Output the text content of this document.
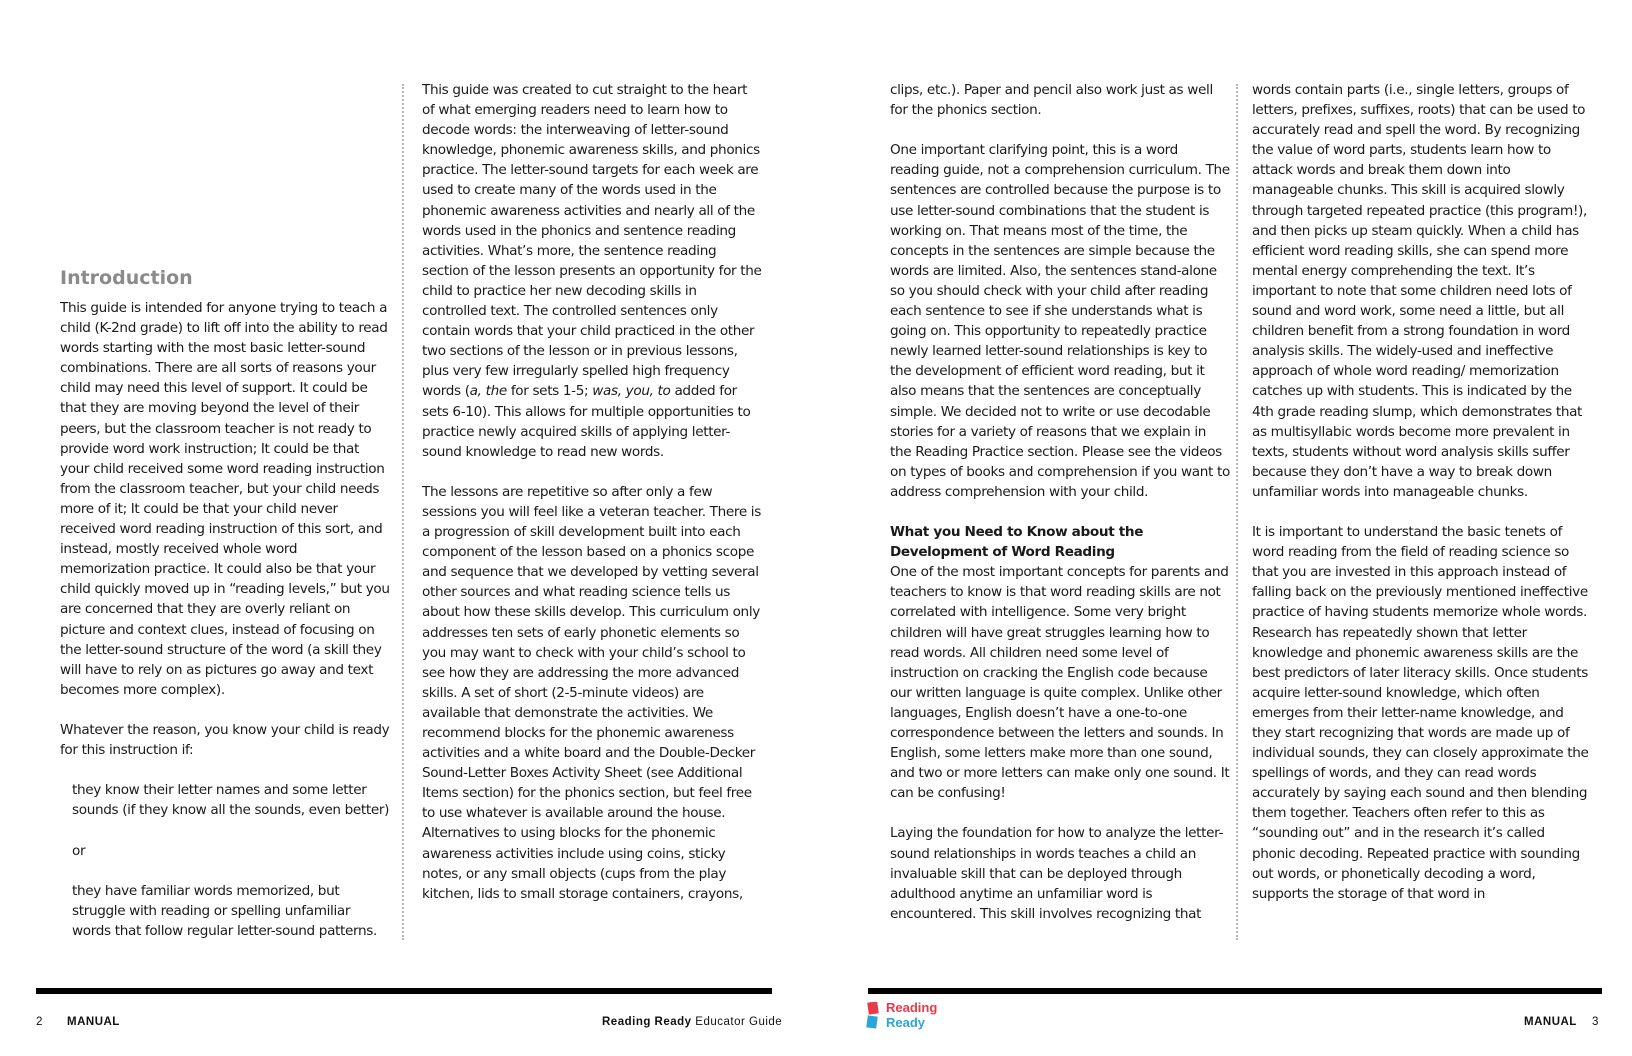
Introduction

This guide is intended for anyone trying to teach a child (K-2nd grade) to lift off into the ability to read words starting with the most basic letter-sound combinations. There are all sorts of reasons your child may need this level of support. It could be that they are moving beyond the level of their peers, but the classroom teacher is not ready to provide word work instruction; It could be that your child received some word reading instruction from the classroom teacher, but your child needs more of it; It could be that your child never received word reading instruction of this sort, and instead, mostly received whole word memorization practice. It could also be that your child quickly moved up in “reading levels,” but you are concerned that they are overly reliant on picture and context clues, instead of focusing on the letter-sound structure of the word (a skill they will have to rely on as pictures go away and text becomes more complex).

Whatever the reason, you know your child is ready for this instruction if:

they know their letter names and some letter sounds (if they know all the sounds, even better)

or

they have familiar words memorized, but struggle with reading or spelling unfamiliar words that follow regular letter-sound patterns.

This guide was created to cut straight to the heart of what emerging readers need to learn how to decode words: the interweaving of letter-sound knowledge, phonemic awareness skills, and phonics practice. The letter-sound targets for each week are used to create many of the words used in the phonemic awareness activities and nearly all of the words used in the phonics and sentence reading activities. What’s more, the sentence reading section of the lesson presents an opportunity for the child to practice her new decoding skills in controlled text. The controlled sentences only contain words that your child practiced in the other two sections of the lesson or in previous lessons, plus very few irregularly spelled high frequency words (a, the for sets 1-5; was, you, to added for sets 6-10). This allows for multiple opportunities to practice newly acquired skills of applying letter-sound knowledge to read new words.

The lessons are repetitive so after only a few sessions you will feel like a veteran teacher. There is a progression of skill development built into each component of the lesson based on a phonics scope and sequence that we developed by vetting several other sources and what reading science tells us about how these skills develop. This curriculum only addresses ten sets of early phonetic elements so you may want to check with your child’s school to see how they are addressing the more advanced skills. A set of short (2-5-minute videos) are available that demonstrate the activities. We recommend blocks for the phonemic awareness activities and a white board and the Double-Decker Sound-Letter Boxes Activity Sheet (see Additional Items section) for the phonics section, but feel free to use whatever is available around the house. Alternatives to using blocks for the phonemic awareness activities include using coins, sticky notes, or any small objects (cups from the play kitchen, lids to small storage containers, crayons,

2 MANUAL	Reading Ready Educator Guide

clips, etc.). Paper and pencil also work just as well for the phonics section.

One important clarifying point, this is a word reading guide, not a comprehension curriculum. The sentences are controlled because the purpose is to use letter-sound combinations that the student is working on. That means most of the time, the concepts in the sentences are simple because the words are limited. Also, the sentences stand-alone so you should check with your child after reading each sentence to see if she understands what is going on. This opportunity to repeatedly practice newly learned letter-sound relationships is key to the development of efficient word reading, but it also means that the sentences are conceptually simple. We decided not to write or use decodable stories for a variety of reasons that we explain in the Reading Practice section. Please see the videos on types of books and comprehension if you want to address comprehension with your child.

What you Need to Know about the Development of Word Reading

One of the most important concepts for parents and teachers to know is that word reading skills are not correlated with intelligence. Some very bright children will have great struggles learning how to read words. All children need some level of instruction on cracking the English code because our written language is quite complex. Unlike other languages, English doesn’t have a one-to-one correspondence between the letters and sounds. In English, some letters make more than one sound, and two or more letters can make only one sound. It can be confusing!

Laying the foundation for how to analyze the letter-sound relationships in words teaches a child an invaluable skill that can be deployed through adulthood anytime an unfamiliar word is encountered. This skill involves recognizing that

words contain parts (i.e., single letters, groups of letters, prefixes, suffixes, roots) that can be used to accurately read and spell the word. By recognizing the value of word parts, students learn how to attack words and break them down into manageable chunks. This skill is acquired slowly through targeted repeated practice (this program!), and then picks up steam quickly. When a child has efficient word reading skills, she can spend more mental energy comprehending the text. It’s important to note that some children need lots of sound and word work, some need a little, but all children benefit from a strong foundation in word analysis skills. The widely-used and ineffective approach of whole word reading/ memorization catches up with students. This is indicated by the 4th grade reading slump, which demonstrates that as multisyllabic words become more prevalent in texts, students without word analysis skills suffer because they don’t have a way to break down unfamiliar words into manageable chunks.

It is important to understand the basic tenets of word reading from the field of reading science so that you are invested in this approach instead of falling back on the previously mentioned ineffective practice of having students memorize whole words. Research has repeatedly shown that letter knowledge and phonemic awareness skills are the best predictors of later literacy skills. Once students acquire letter-sound knowledge, which often emerges from their letter-name knowledge, and they start recognizing that words are made up of individual sounds, they can closely approximate the spellings of words, and they can read words accurately by saying each sound and then blending them together. Teachers often refer to this as “sounding out” and in the research it’s called phonic decoding. Repeated practice with sounding out words, or phonetically decoding a word, supports the storage of that word in

Reading
Ready	MANUAL 3
